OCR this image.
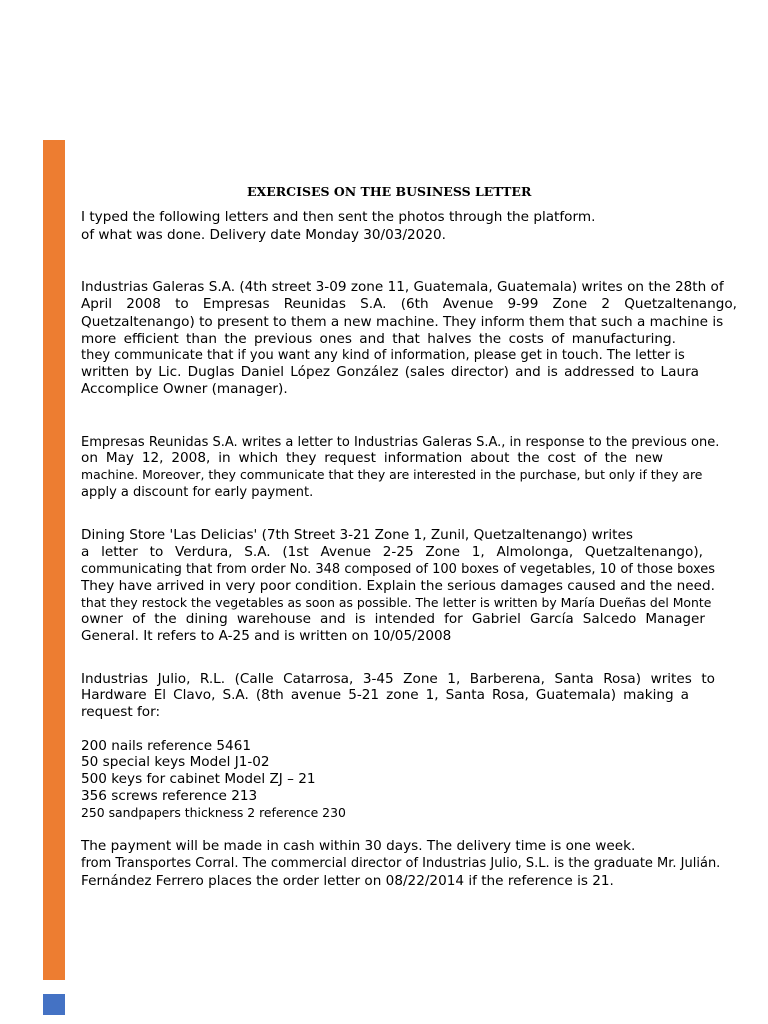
EXERCISES ON THE BUSINESS LETTER
I typed the following letters and then sent the photos through the platform.
of what was done. Delivery date Monday 30/03/2020.
Industrias Galeras S.A. (4th street 3-09 zone 11, Guatemala, Guatemala) writes on the 28th of
April 2008 to Empresas Reunidas S.A. (6th Avenue 9-99 Zone 2 Quetzaltenango,
Quetzaltenango) to present to them a new machine. They inform them that such a machine is
more efficient than the previous ones and that halves the costs of manufacturing.
they communicate that if you want any kind of information, please get in touch. The letter is
written by Lic. Duglas Daniel López González (sales director) and is addressed to Laura
Accomplice Owner (manager).
Empresas Reunidas S.A. writes a letter to Industrias Galeras S.A., in response to the previous one.
on May 12, 2008, in which they request information about the cost of the new
machine. Moreover, they communicate that they are interested in the purchase, but only if they are
apply a discount for early payment.
Dining Store 'Las Delicias' (7th Street 3-21 Zone 1, Zunil, Quetzaltenango) writes
a letter to Verdura, S.A. (1st Avenue 2-25 Zone 1, Almolonga, Quetzaltenango),
communicating that from order No. 348 composed of 100 boxes of vegetables, 10 of those boxes
They have arrived in very poor condition. Explain the serious damages caused and the need.
that they restock the vegetables as soon as possible. The letter is written by María Dueñas del Monte
owner of the dining warehouse and is intended for Gabriel García Salcedo Manager
General. It refers to A-25 and is written on 10/05/2008
Industrias Julio, R.L. (Calle Catarrosa, 3-45 Zone 1, Barberena, Santa Rosa) writes to
Hardware El Clavo, S.A. (8th avenue 5-21 zone 1, Santa Rosa, Guatemala) making a
request for:
200 nails reference 5461
50 special keys Model J1-02
500 keys for cabinet Model ZJ – 21
356 screws reference 213
250 sandpapers thickness 2 reference 230
The payment will be made in cash within 30 days. The delivery time is one week.
from Transportes Corral. The commercial director of Industrias Julio, S.L. is the graduate Mr. Julián.
Fernández Ferrero places the order letter on 08/22/2014 if the reference is 21.
